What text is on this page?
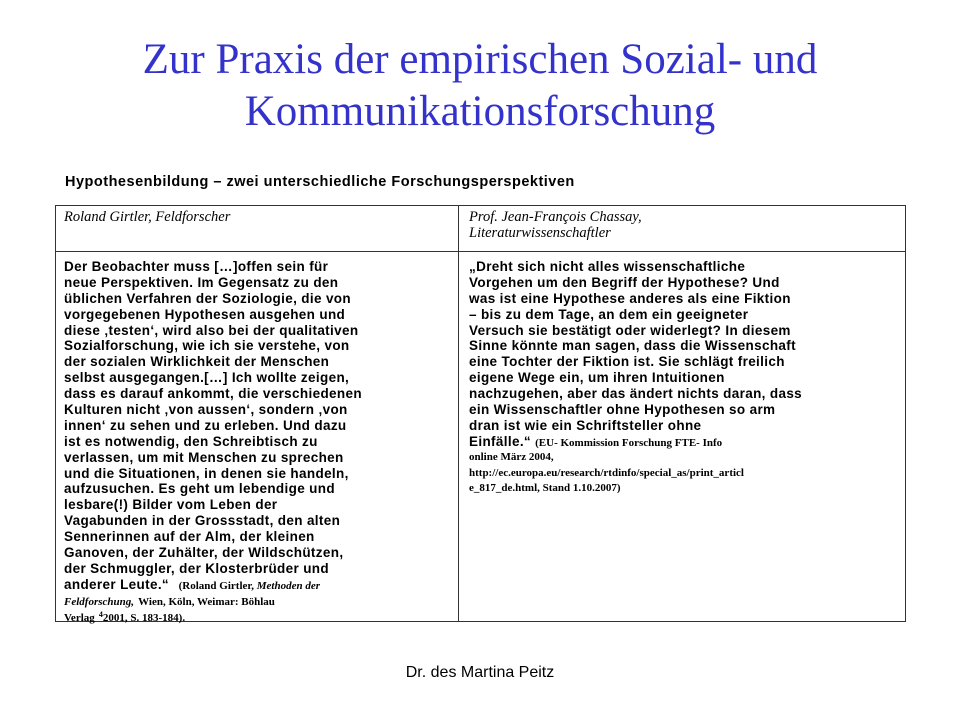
Zur Praxis der empirischen Sozial- und
Kommunikationsforschung
Hypothesenbildung – zwei unterschiedliche Forschungsperspektiven
Roland Girtler, Feldforscher	Prof. Jean-François Chassay,
Literaturwissenschaftler
Der Beobachter muss […]offen sein für
neue Perspektiven. Im Gegensatz zu den
üblichen Verfahren der Soziologie, die von
vorgegebenen Hypothesen ausgehen und
diese ‚testen‘, wird also bei der qualitativen
Sozialforschung, wie ich sie verstehe, von
der sozialen Wirklichkeit der Menschen
selbst ausgegangen.[…] Ich wollte zeigen,
dass es darauf ankommt, die verschiedenen
Kulturen nicht ‚von aussen‘, sondern ‚von
innen‘ zu sehen und zu erleben. Und dazu
ist es notwendig, den Schreibtisch zu
verlassen, um mit Menschen zu sprechen
und die Situationen, in denen sie handeln,
aufzusuchen. Es geht um lebendige und
lesbare(!) Bilder vom Leben der
Vagabunden in der Grossstadt, den alten
Sennerinnen auf der Alm, der kleinen
Ganoven, der Zuhälter, der Wildschützen,
der Schmuggler, der Klosterbrüder und
anderer Leute.“ (Roland Girtler, Methoden der
Feldforschung, Wien, Köln, Weimar: Böhlau
Verlag $^4$2001, S. 183-184).
„Dreht sich nicht alles wissenschaftliche
Vorgehen um den Begriff der Hypothese? Und
was ist eine Hypothese anderes als eine Fiktion
– bis zu dem Tage, an dem ein geeigneter
Versuch sie bestätigt oder widerlegt? In diesem
Sinne könnte man sagen, dass die Wissenschaft
eine Tochter der Fiktion ist. Sie schlägt freilich
eigene Wege ein, um ihren Intuitionen
nachzugehen, aber das ändert nichts daran, dass
ein Wissenschaftler ohne Hypothesen so arm
dran ist wie ein Schriftsteller ohne
Einfälle.“ (EU- Kommission Forschung FTE- Info
online März 2004,
http://ec.europa.eu/research/rtdinfo/special_as/print_articl
e_817_de.html, Stand 1.10.2007)
Dr. des Martina Peitz
